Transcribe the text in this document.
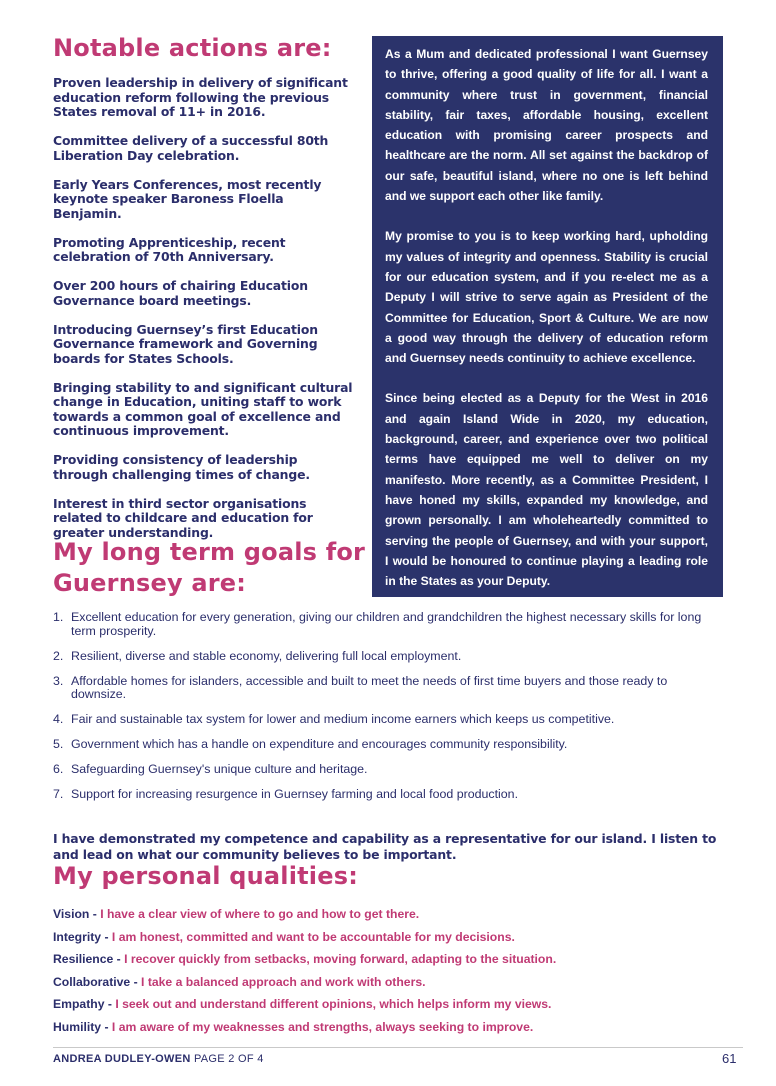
Notable actions are:

Proven leadership in delivery of significant education reform following the previous States removal of 11+ in 2016.

Committee delivery of a successful 80th Liberation Day celebration.

Early Years Conferences, most recently keynote speaker Baroness Floella Benjamin.

Promoting Apprenticeship, recent celebration of 70th Anniversary.

Over 200 hours of chairing Education Governance board meetings.

Introducing Guernsey’s first Education Governance framework and Governing boards for States Schools.

Bringing stability to and significant cultural change in Education, uniting staff to work towards a common goal of excellence and continuous improvement.

Providing consistency of leadership through challenging times of change.

Interest in third sector organisations related to childcare and education for greater understanding.

My long term goals for Guernsey are:

As a Mum and dedicated professional I want Guernsey to thrive, offering a good quality of life for all. I want a community where trust in government, financial stability, fair taxes, affordable housing, excellent education with promising career prospects and healthcare are the norm. All set against the backdrop of our safe, beautiful island, where no one is left behind and we support each other like family.

My promise to you is to keep working hard, upholding my values of integrity and openness. Stability is crucial for our education system, and if you re-elect me as a Deputy I will strive to serve again as President of the Committee for Education, Sport & Culture. We are now a good way through the delivery of education reform and Guernsey needs continuity to achieve excellence.

Since being elected as a Deputy for the West in 2016 and again Island Wide in 2020, my education, background, career, and experience over two political terms have equipped me well to deliver on my manifesto. More recently, as a Committee President, I have honed my skills, expanded my knowledge, and grown personally. I am wholeheartedly committed to serving the people of Guernsey, and with your support, I would be honoured to continue playing a leading role in the States as your Deputy.

1. Excellent education for every generation, giving our children and grandchildren the highest necessary skills for long term prosperity.
2. Resilient, diverse and stable economy, delivering full local employment.
3. Affordable homes for islanders, accessible and built to meet the needs of first time buyers and those ready to downsize.
4. Fair and sustainable tax system for lower and medium income earners which keeps us competitive.
5. Government which has a handle on expenditure and encourages community responsibility.
6. Safeguarding Guernsey's unique culture and heritage.
7. Support for increasing resurgence in Guernsey farming and local food production.

I have demonstrated my competence and capability as a representative for our island. I listen to and lead on what our community believes to be important.

My personal qualities:
Vision - I have a clear view of where to go and how to get there.
Integrity - I am honest, committed and want to be accountable for my decisions.
Resilience - I recover quickly from setbacks, moving forward, adapting to the situation.
Collaborative - I take a balanced approach and work with others.
Empathy - I seek out and understand different opinions, which helps inform my views.
Humility - I am aware of my weaknesses and strengths, always seeking to improve.
ANDREA DUDLEY-OWEN PAGE 2 OF 4	61
